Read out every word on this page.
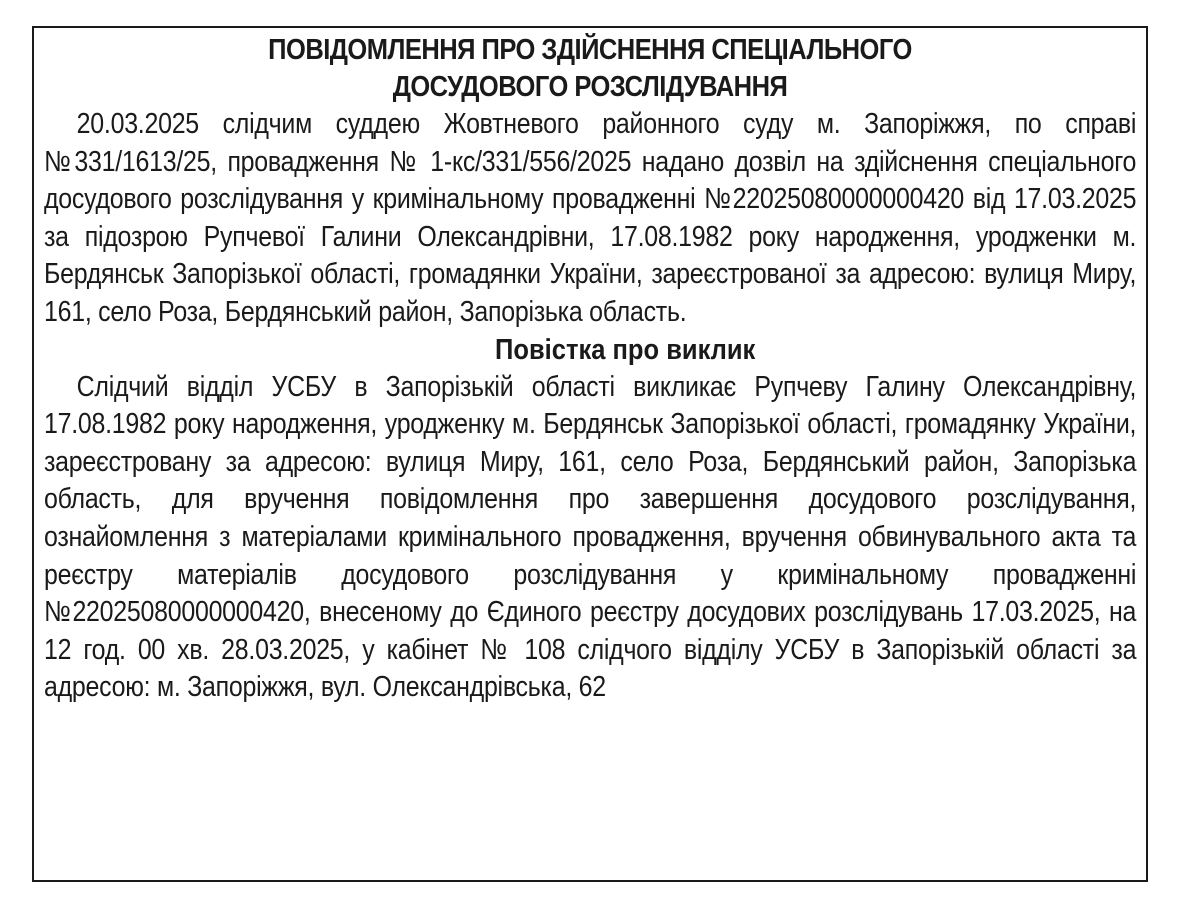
ПОВІДОМЛЕННЯ ПРО ЗДІЙСНЕННЯ СПЕЦІАЛЬНОГО
ДОСУДОВОГО РОЗСЛІДУВАННЯ

20.03.2025 слідчим суддею Жовтневого районного суду м. Запоріжжя, по справі №331/1613/25, провадження № 1-кс/331/556/2025 надано дозвіл на здійснення спеціального досудового розслідування у кримінальному провадженні №22025080000000420 від 17.03.2025 за підозрою Рупчевої Галини Олександрівни, 17.08.1982 року народження, уродженки м. Бердянськ Запорізької області, громадянки України, зареєстрованої за адресою: вулиця Миру, 161, село Роза, Бердянський район, Запорізька область.

Повістка про виклик

Слідчий відділ УСБУ в Запорізькій області викликає Рупчеву Галину Олександрівну, 17.08.1982 року народження, уродженку м. Бердянськ Запорізької області, громадянку України, зареєстровану за адресою: вулиця Миру, 161, село Роза, Бердянський район, Запорізька область, для вручення повідомлення про завершення досудового розслідування, ознайомлення з матеріалами кримінального провадження, вручення обвинувального акта та реєстру матеріалів досудового розслідування у кримінальному провадженні №22025080000000420, внесеному до Єдиного реєстру досудових розслідувань 17.03.2025, на 12 год. 00 хв. 28.03.2025, у кабінет № 108 слідчого відділу УСБУ в Запорізькій області за адресою: м. Запоріжжя, вул. Олександрівська, 62
